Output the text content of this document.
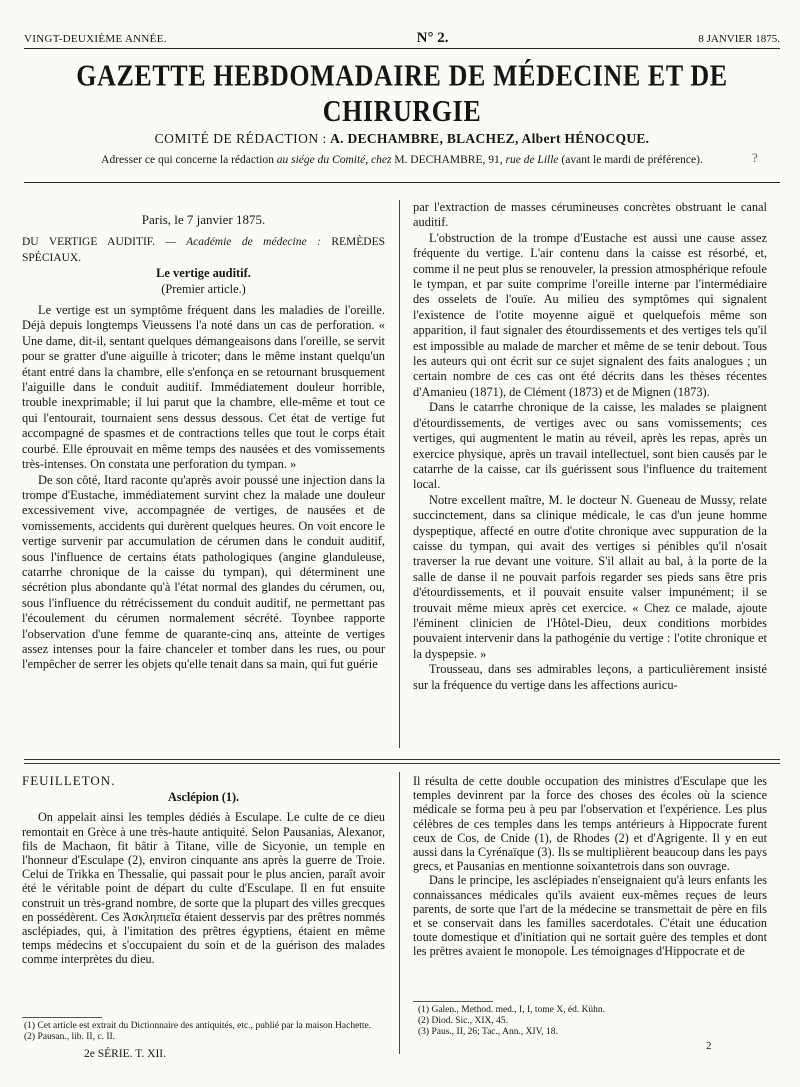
VINGT-DEUXIÈME ANNÉE.	N° 2.	8 JANVIER 1875.
GAZETTE HEBDOMADAIRE DE MÉDECINE ET DE CHIRURGIE
COMITÉ DE RÉDACTION : A. DECHAMBRE, BLACHEZ, Albert HÉNOCQUE.
Adresser ce qui concerne la rédaction au siége du Comité, chez M. DECHAMBRE, 91, rue de Lille (avant le mardi de préférence).	?
Paris, le 7 janvier 1875.

DU VERTIGE AUDITIF. — Académie de médecine : REMÈDES SPÉCIAUX.

Le vertige auditif.

(Premier article.)

Le vertige est un symptôme fréquent dans les maladies de l'oreille. Déjà depuis longtemps Vieussens l'a noté dans un cas de perforation. « Une dame, dit-il, sentant quelques démangeaisons dans l'oreille, se servit pour se gratter d'une aiguille à tricoter; dans le même instant quelqu'un étant entré dans la chambre, elle s'enfonça en se retournant brusquement l'aiguille dans le conduit auditif. Immédiatement douleur horrible, trouble inexprimable; il lui parut que la chambre, elle-même et tout ce qui l'entourait, tournaient sens dessus dessous. Cet état de vertige fut accompagné de spasmes et de contractions telles que tout le corps était courbé. Elle éprouvait en même temps des nausées et des vomissements très-intenses. On constata une perforation du tympan. »

De son côté, Itard raconte qu'après avoir poussé une injection dans la trompe d'Eustache, immédiatement survint chez la malade une douleur excessivement vive, accompagnée de vertiges, de nausées et de vomissements, accidents qui durèrent quelques heures. On voit encore le vertige survenir par accumulation de cérumen dans le conduit auditif, sous l'influence de certains états pathologiques (angine glanduleuse, catarrhe chronique de la caisse du tympan), qui déterminent une sécrétion plus abondante qu'à l'état normal des glandes du cérumen, ou, sous l'influence du rétrécissement du conduit auditif, ne permettant pas l'écoulement du cérumen normalement sécrété. Toynbee rapporte l'observation d'une femme de quarante-cinq ans, atteinte de vertiges assez intenses pour la faire chanceler et tomber dans les rues, ou pour l'empêcher de serrer les objets qu'elle tenait dans sa main, qui fut guérie

par l'extraction de masses cérumineuses concrètes obstruant le canal auditif.

L'obstruction de la trompe d'Eustache est aussi une cause assez fréquente du vertige. L'air contenu dans la caisse est résorbé, et, comme il ne peut plus se renouveler, la pression atmosphérique refoule le tympan, et par suite comprime l'oreille interne par l'intermédiaire des osselets de l'ouïe. Au milieu des symptômes qui signalent l'existence de l'otite moyenne aiguë et quelquefois même son apparition, il faut signaler des étourdissements et des vertiges tels qu'il est impossible au malade de marcher et même de se tenir debout. Tous les auteurs qui ont écrit sur ce sujet signalent des faits analogues ; un certain nombre de ces cas ont été décrits dans les thèses récentes d'Amanieu (1871), de Clément (1873) et de Mignen (1873).

Dans le catarrhe chronique de la caisse, les malades se plaignent d'étourdissements, de vertiges avec ou sans vomissements; ces vertiges, qui augmentent le matin au réveil, après les repas, après un exercice physique, après un travail intellectuel, sont bien causés par le catarrhe de la caisse, car ils guérissent sous l'influence du traitement local.

Notre excellent maître, M. le docteur N. Gueneau de Mussy, relate succinctement, dans sa clinique médicale, le cas d'un jeune homme dyspeptique, affecté en outre d'otite chronique avec suppuration de la caisse du tympan, qui avait des vertiges si pénibles qu'il n'osait traverser la rue devant une voiture. S'il allait au bal, à la porte de la salle de danse il ne pouvait parfois regarder ses pieds sans être pris d'étourdissements, et il pouvait ensuite valser impunément; il se trouvait même mieux après cet exercice. « Chez ce malade, ajoute l'éminent clinicien de l'Hôtel-Dieu, deux conditions morbides pouvaient intervenir dans la pathogénie du vertige : l'otite chronique et la dyspepsie. »

Trousseau, dans ses admirables leçons, a particulièrement insisté sur la fréquence du vertige dans les affections auricu-

FEUILLETON.

Asclépion (1).

On appelait ainsi les temples dédiés à Esculape. Le culte de ce dieu remontait en Grèce à une très-haute antiquité. Selon Pausanias, Alexanor, fils de Machaon, fit bâtir à Titane, ville de Sicyonie, un temple en l'honneur d'Esculape (2), environ cinquante ans après la guerre de Troie. Celui de Trikka en Thessalie, qui passait pour le plus ancien, paraît avoir été le véritable point de départ du culte d'Esculape. Il en fut ensuite construit un très-grand nombre, de sorte que la plupart des villes grecques en possédèrent. Ces Ἀσκληπιεῖα étaient desservis par des prêtres nommés asclépiades, qui, à l'imitation des prêtres égyptiens, étaient en même temps médecins et s'occupaient du soin et de la guérison des malades comme interprètes du dieu.

Il résulta de cette double occupation des ministres d'Esculape que les temples devinrent par la force des choses des écoles où la science médicale se forma peu à peu par l'observation et l'expérience. Les plus célèbres de ces temples dans les temps antérieurs à Hippocrate furent ceux de Cos, de Cnide (1), de Rhodes (2) et d'Agrigente. Il y en eut aussi dans la Cyrénaïque (3). Ils se multiplièrent beaucoup dans les pays grecs, et Pausanias en mentionne soixantetrois dans son ouvrage.

Dans le principe, les asclépiades n'enseignaient qu'à leurs enfants les connaissances médicales qu'ils avaient eux-mêmes reçues de leurs parents, de sorte que l'art de la médecine se transmettait de père en fils et se conservait dans les familles sacerdotales. C'était une éducation toute domestique et d'initiation qui ne sortait guère des temples et dont les prêtres avaient le monopole. Les témoignages d'Hippocrate et de

(1) Cet article est extrait du Dictionnaire des antiquités, etc., publié par la maison Hachette.

(2) Pausan., lib. II, c. II.

2e SÉRIE. T. XII.

(1) Galen., Method. med., I, I, tome X, éd. Kühn.

(2) Diod. Sic., XIX, 45.

(3) Paus., II, 26; Tac., Ann., XIV, 18.

2
